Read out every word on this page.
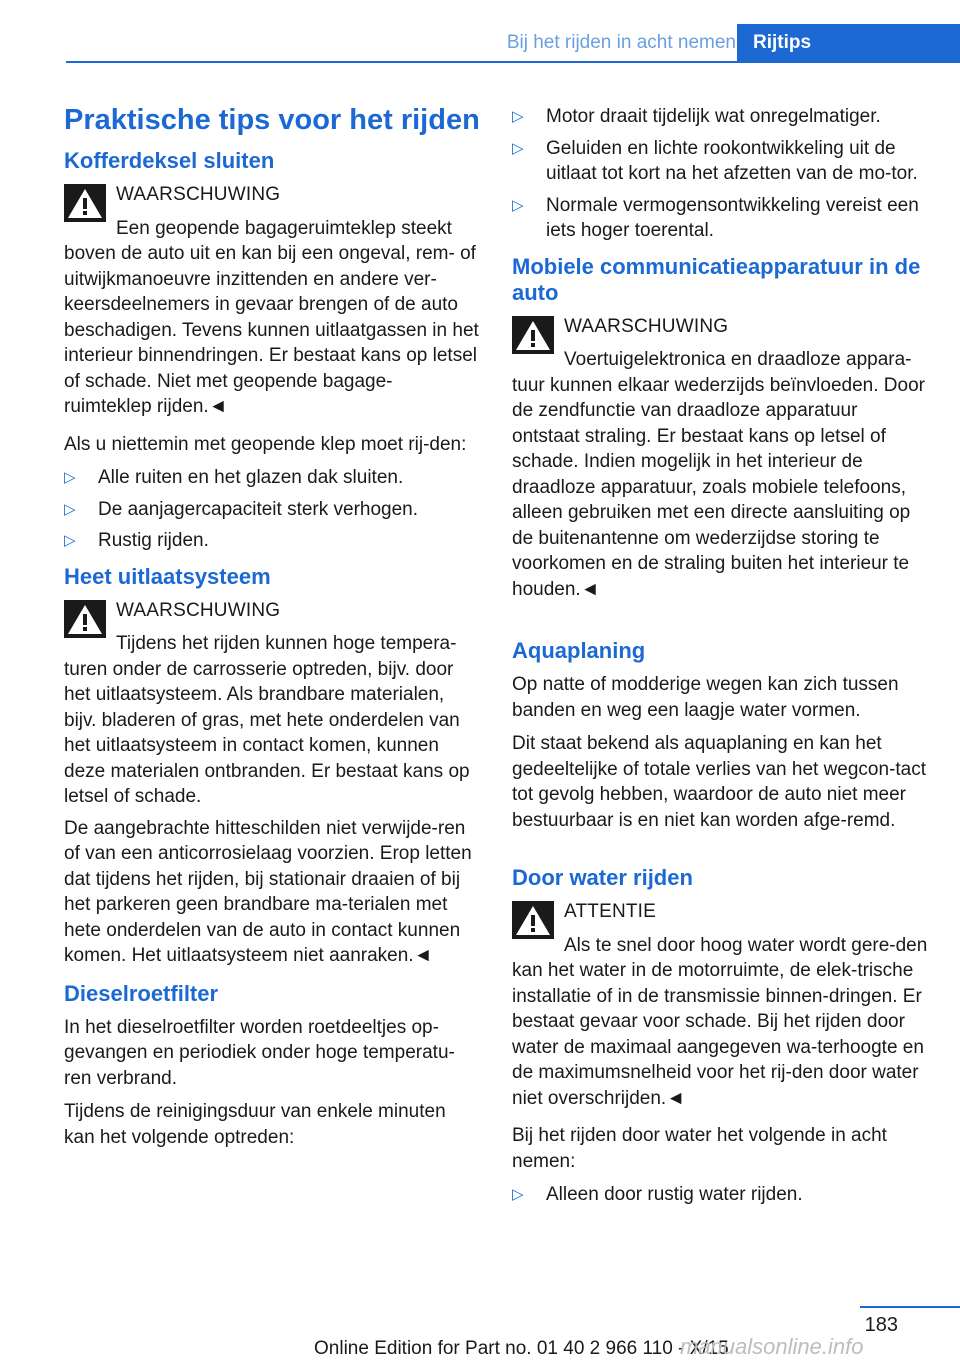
Bij het rijden in acht nemen Rijtips
Praktische tips voor het rijden
Kofferdeksel sluiten
WAARSCHUWING
Een geopende bagageruimteklep steekt boven de auto uit en kan bij een ongeval, rem- of uitwijkmanoeuvre inzittenden en andere ver-keersdeelnemers in gevaar brengen of de auto beschadigen. Tevens kunnen uitlaatgassen in het interieur binnendringen. Er bestaat kans op letsel of schade. Niet met geopende bagage-ruimteklep rijden.◄

Als u niettemin met geopende klep moet rij-den:

▷ Alle ruiten en het glazen dak sluiten.
▷ De aanjagercapaciteit sterk verhogen.
▷ Rustig rijden.
Heet uitlaatsysteem
WAARSCHUWING
Tijdens het rijden kunnen hoge tempera-turen onder de carrosserie optreden, bijv. door het uitlaatsysteem. Als brandbare materialen, bijv. bladeren of gras, met hete onderdelen van het uitlaatsysteem in contact komen, kunnen deze materialen ontbranden. Er bestaat kans op letsel of schade.

De aangebrachte hitteschilden niet verwijde-ren of van een anticorrosielaag voorzien. Erop letten dat tijdens het rijden, bij stationair draaien of bij het parkeren geen brandbare ma-terialen met hete onderdelen van de auto in contact kunnen komen. Het uitlaatsysteem niet aanraken.◄

Dieselroetfilter

In het dieselroetfilter worden roetdeeltjes op-gevangen en periodiek onder hoge temperatu-ren verbrand.

Tijdens de reinigingsduur van enkele minuten kan het volgende optreden:

▷ Motor draait tijdelijk wat onregelmatiger.
▷ Geluiden en lichte rookontwikkeling uit de uitlaat tot kort na het afzetten van de mo-tor.
▷ Normale vermogensontwikkeling vereist een iets hoger toerental.
Mobiele communicatieapparatuur in de auto
WAARSCHUWING
Voertuigelektronica en draadloze appara-tuur kunnen elkaar wederzijds beïnvloeden. Door de zendfunctie van draadloze apparatuur ontstaat straling. Er bestaat kans op letsel of schade. Indien mogelijk in het interieur de draadloze apparatuur, zoals mobiele telefoons, alleen gebruiken met een directe aansluiting op de buitenantenne om wederzijdse storing te voorkomen en de straling buiten het interieur te houden.◄
Aquaplaning

Op natte of modderige wegen kan zich tussen banden en weg een laagje water vormen.

Dit staat bekend als aquaplaning en kan het gedeeltelijke of totale verlies van het wegcon-tact tot gevolg hebben, waardoor de auto niet meer bestuurbaar is en niet kan worden afge-remd.

Door water rijden
ATTENTIE
Als te snel door hoog water wordt gere-den kan het water in de motorruimte, de elek-trische installatie of in de transmissie binnen-dringen. Er bestaat gevaar voor schade. Bij het rijden door water de maximaal aangegeven wa-terhoogte en de maximumsnelheid voor het rij-den door water niet overschrijden.◄

Bij het rijden door water het volgende in acht nemen:

▷ Alleen door rustig water rijden.
183
Online Edition for Part no. 01 40 2 966 110 - X/15
manualsonline.info
